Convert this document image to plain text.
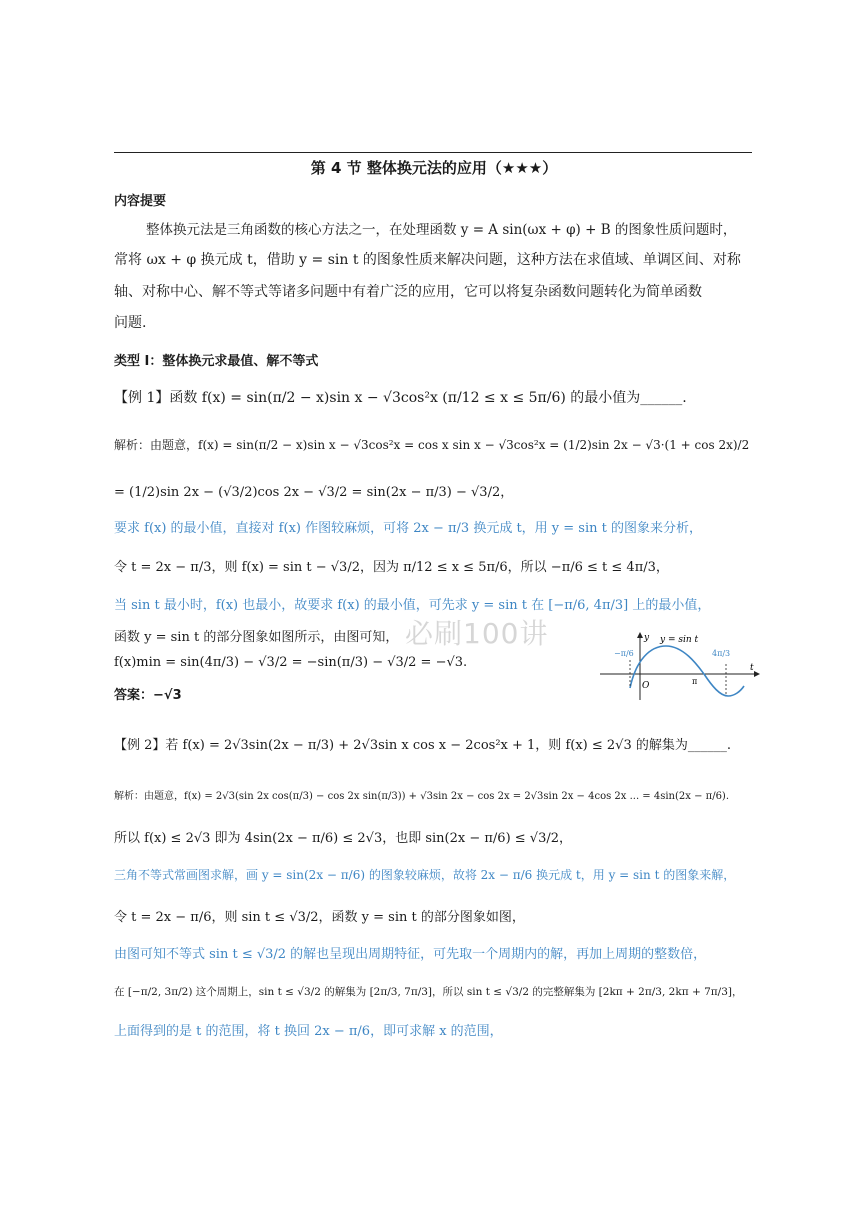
第 4 节 整体换元法的应用（★★★）
内容提要
整体换元法是三角函数的核心方法之一，在处理函数 y = A sin(ωx + φ) + B 的图象性质问题时，
常将 ωx + φ 换元成 t，借助 y = sin t 的图象性质来解决问题，这种方法在求值域、单调区间、对称
轴、对称中心、解不等式等诸多问题中有着广泛的应用，它可以将复杂函数问题转化为简单函数
问题.
类型 Ⅰ：整体换元求最值、解不等式
【例 1】函数 f(x) = sin(π/2 − x)sin x − √3cos²x (π/12 ≤ x ≤ 5π/6) 的最小值为______.
解析：由题意，f(x) = sin(π/2 − x)sin x − √3cos²x = cos x sin x − √3cos²x = (1/2)sin 2x − √3·(1 + cos 2x)/2
= (1/2)sin 2x − (√3/2)cos 2x − √3/2 = sin(2x − π/3) − √3/2，
要求 f(x) 的最小值，直接对 f(x) 作图较麻烦，可将 2x − π/3 换元成 t，用 y = sin t 的图象来分析，
令 t = 2x − π/3，则 f(x) = sin t − √3/2，因为 π/12 ≤ x ≤ 5π/6，所以 −π/6 ≤ t ≤ 4π/3，
当 sin t 最小时，f(x) 也最小，故要求 f(x) 的最小值，可先求 y = sin t 在 [−π/6, 4π/3] 上的最小值，
必刷100讲
函数 y = sin t 的部分图象如图所示，由图可知，
f(x)min = sin(4π/3) − √3/2 = −sin(π/3) − √3/2 = −√3.
答案：−√3
y y = sin t
t
O
−π/6
π
4π/3
【例 2】若 f(x) = 2√3sin(2x − π/3) + 2√3sin x cos x − 2cos²x + 1，则 f(x) ≤ 2√3 的解集为______.
解析：由题意，f(x) = 2√3(sin 2x cos(π/3) − cos 2x sin(π/3)) + √3sin 2x − cos 2x = 2√3sin 2x − 4cos 2x ... = 4sin(2x − π/6).
所以 f(x) ≤ 2√3 即为 4sin(2x − π/6) ≤ 2√3，也即 sin(2x − π/6) ≤ √3/2，
三角不等式常画图求解，画 y = sin(2x − π/6) 的图象较麻烦，故将 2x − π/6 换元成 t，用 y = sin t 的图象来解，
令 t = 2x − π/6，则 sin t ≤ √3/2，函数 y = sin t 的部分图象如图，
由图可知不等式 sin t ≤ √3/2 的解也呈现出周期特征，可先取一个周期内的解，再加上周期的整数倍，
在 [−π/2, 3π/2) 这个周期上，sin t ≤ √3/2 的解集为 [2π/3, 7π/3]，所以 sin t ≤ √3/2 的完整解集为 [2kπ + 2π/3, 2kπ + 7π/3]，
上面得到的是 t 的范围，将 t 换回 2x − π/6，即可求解 x 的范围，
